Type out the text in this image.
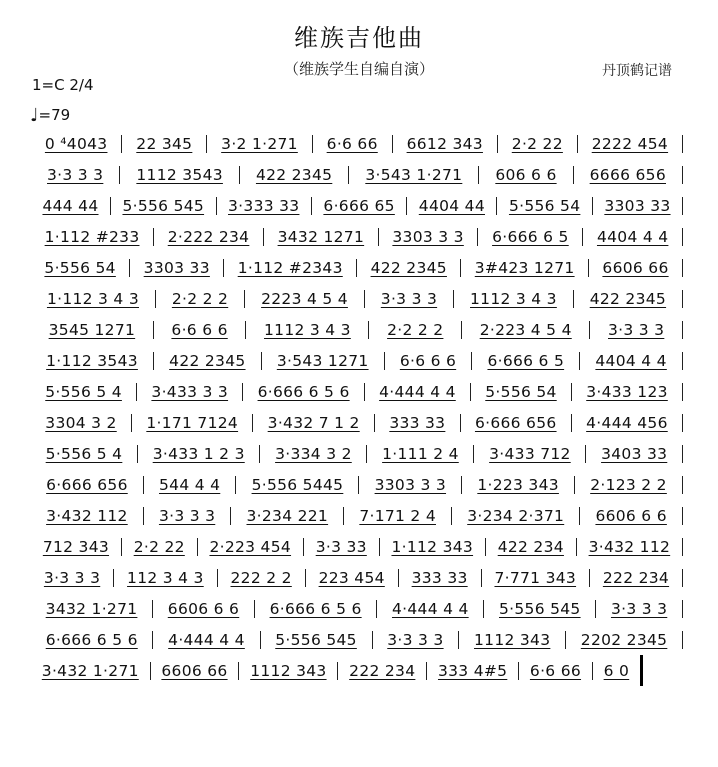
维族吉他曲
（维族学生自编自演）	丹顶鹤记谱
1=C 2/4
♩=79
0 ⁴4043	22 345	3·2 1·271	6·6 66	6612 343	2·2 22	2222 454
3·3 3 3	1112 3543	422 2345	3·543 1·271	606 6 6	6666 656
444 44	5·556 545	3·333 33	6·666 65	4404 44	5·556 54	3303 33
1·112 #233	2·222 234	3432 1271	3303 3 3	6·666 6 5	4404 4 4
5·556 54	3303 33	1·112 #2343	422 2345	3#423 1271	6606 66
1·112 3 4 3	2·2 2 2	2223 4 5 4	3·3 3 3	1112 3 4 3	422 2345
3545 1271	6·6 6 6	1112 3 4 3	2·2 2 2	2·223 4 5 4	3·3 3 3
1·112 3543	422 2345	3·543 1271	6·6 6 6	6·666 6 5	4404 4 4
5·556 5 4	3·433 3 3	6·666 6 5 6	4·444 4 4	5·556 54	3·433 123
3304 3 2	1·171 7124	3·432 7 1 2	333 33	6·666 656	4·444 456
5·556 5 4	3·433 1 2 3	3·334 3 2	1·111 2 4	3·433 712	3403 33
6·666 656	544 4 4	5·556 5445	3303 3 3	1·223 343	2·123 2 2
3·432 112	3·3 3 3	3·234 221	7·171 2 4	3·234 2·371	6606 6 6
712 343	2·2 22	2·223 454	3·3 33	1·112 343	422 234	3·432 112
3·3 3 3	112 3 4 3	222 2 2	223 454	333 33	7·771 343	222 234
3432 1·271	6606 6 6	6·666 6 5 6	4·444 4 4	5·556 545	3·3 3 3
6·666 6 5 6	4·444 4 4	5·556 545	3·3 3 3	1112 343	2202 2345
3·432 1·271	6606 66	1112 343	222 234	333 4#5	6·6 66	6 0
